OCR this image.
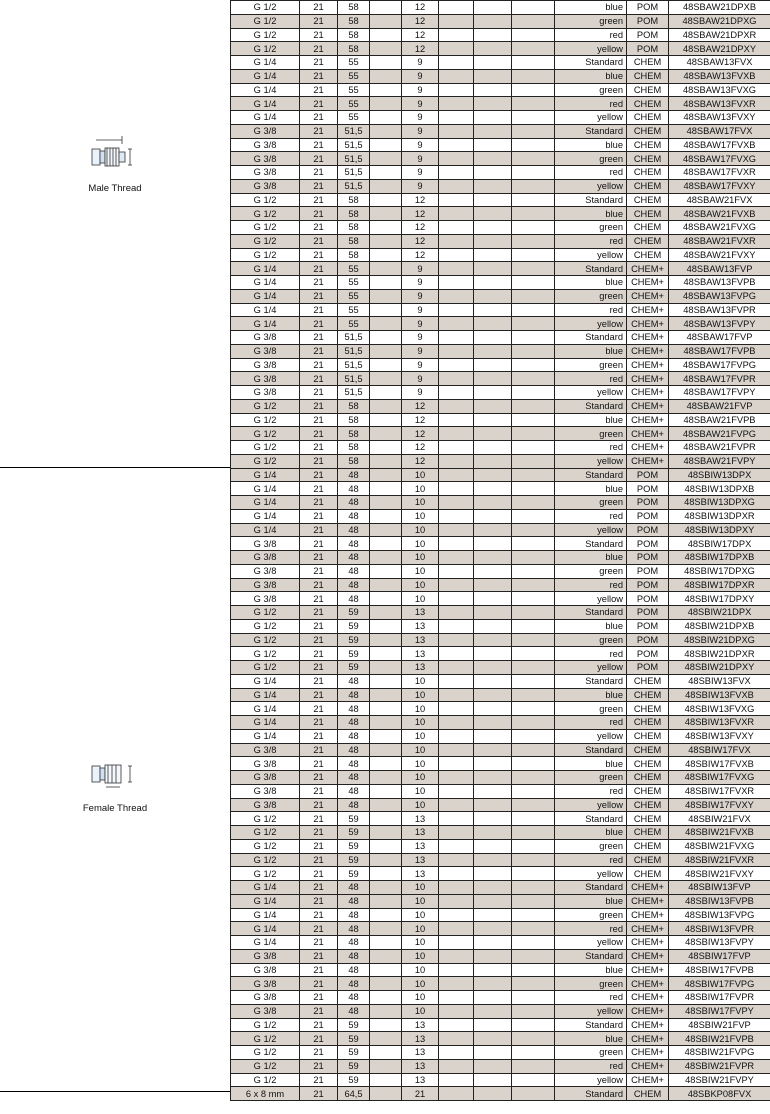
Male Thread
Female Thread
G 1/2	21	58		12				blue	POM	48SBAW21DPXB
G 1/2	21	58		12				green	POM	48SBAW21DPXG
G 1/2	21	58		12				red	POM	48SBAW21DPXR
G 1/2	21	58		12				yellow	POM	48SBAW21DPXY
G 1/4	21	55		9				Standard	CHEM	48SBAW13FVX
G 1/4	21	55		9				blue	CHEM	48SBAW13FVXB
G 1/4	21	55		9				green	CHEM	48SBAW13FVXG
G 1/4	21	55		9				red	CHEM	48SBAW13FVXR
G 1/4	21	55		9				yellow	CHEM	48SBAW13FVXY
G 3/8	21	51,5		9				Standard	CHEM	48SBAW17FVX
G 3/8	21	51,5		9				blue	CHEM	48SBAW17FVXB
G 3/8	21	51,5		9				green	CHEM	48SBAW17FVXG
G 3/8	21	51,5		9				red	CHEM	48SBAW17FVXR
G 3/8	21	51,5		9				yellow	CHEM	48SBAW17FVXY
G 1/2	21	58		12				Standard	CHEM	48SBAW21FVX
G 1/2	21	58		12				blue	CHEM	48SBAW21FVXB
G 1/2	21	58		12				green	CHEM	48SBAW21FVXG
G 1/2	21	58		12				red	CHEM	48SBAW21FVXR
G 1/2	21	58		12				yellow	CHEM	48SBAW21FVXY
G 1/4	21	55		9				Standard	CHEM+	48SBAW13FVP
G 1/4	21	55		9				blue	CHEM+	48SBAW13FVPB
G 1/4	21	55		9				green	CHEM+	48SBAW13FVPG
G 1/4	21	55		9				red	CHEM+	48SBAW13FVPR
G 1/4	21	55		9				yellow	CHEM+	48SBAW13FVPY
G 3/8	21	51,5		9				Standard	CHEM+	48SBAW17FVP
G 3/8	21	51,5		9				blue	CHEM+	48SBAW17FVPB
G 3/8	21	51,5		9				green	CHEM+	48SBAW17FVPG
G 3/8	21	51,5		9				red	CHEM+	48SBAW17FVPR
G 3/8	21	51,5		9				yellow	CHEM+	48SBAW17FVPY
G 1/2	21	58		12				Standard	CHEM+	48SBAW21FVP
G 1/2	21	58		12				blue	CHEM+	48SBAW21FVPB
G 1/2	21	58		12				green	CHEM+	48SBAW21FVPG
G 1/2	21	58		12				red	CHEM+	48SBAW21FVPR
G 1/2	21	58		12				yellow	CHEM+	48SBAW21FVPY
G 1/4	21	48		10				Standard	POM	48SBIW13DPX
G 1/4	21	48		10				blue	POM	48SBIW13DPXB
G 1/4	21	48		10				green	POM	48SBIW13DPXG
G 1/4	21	48		10				red	POM	48SBIW13DPXR
G 1/4	21	48		10				yellow	POM	48SBIW13DPXY
G 3/8	21	48		10				Standard	POM	48SBIW17DPX
G 3/8	21	48		10				blue	POM	48SBIW17DPXB
G 3/8	21	48		10				green	POM	48SBIW17DPXG
G 3/8	21	48		10				red	POM	48SBIW17DPXR
G 3/8	21	48		10				yellow	POM	48SBIW17DPXY
G 1/2	21	59		13				Standard	POM	48SBIW21DPX
G 1/2	21	59		13				blue	POM	48SBIW21DPXB
G 1/2	21	59		13				green	POM	48SBIW21DPXG
G 1/2	21	59		13				red	POM	48SBIW21DPXR
G 1/2	21	59		13				yellow	POM	48SBIW21DPXY
G 1/4	21	48		10				Standard	CHEM	48SBIW13FVX
G 1/4	21	48		10				blue	CHEM	48SBIW13FVXB
G 1/4	21	48		10				green	CHEM	48SBIW13FVXG
G 1/4	21	48		10				red	CHEM	48SBIW13FVXR
G 1/4	21	48		10				yellow	CHEM	48SBIW13FVXY
G 3/8	21	48		10				Standard	CHEM	48SBIW17FVX
G 3/8	21	48		10				blue	CHEM	48SBIW17FVXB
G 3/8	21	48		10				green	CHEM	48SBIW17FVXG
G 3/8	21	48		10				red	CHEM	48SBIW17FVXR
G 3/8	21	48		10				yellow	CHEM	48SBIW17FVXY
G 1/2	21	59		13				Standard	CHEM	48SBIW21FVX
G 1/2	21	59		13				blue	CHEM	48SBIW21FVXB
G 1/2	21	59		13				green	CHEM	48SBIW21FVXG
G 1/2	21	59		13				red	CHEM	48SBIW21FVXR
G 1/2	21	59		13				yellow	CHEM	48SBIW21FVXY
G 1/4	21	48		10				Standard	CHEM+	48SBIW13FVP
G 1/4	21	48		10				blue	CHEM+	48SBIW13FVPB
G 1/4	21	48		10				green	CHEM+	48SBIW13FVPG
G 1/4	21	48		10				red	CHEM+	48SBIW13FVPR
G 1/4	21	48		10				yellow	CHEM+	48SBIW13FVPY
G 3/8	21	48		10				Standard	CHEM+	48SBIW17FVP
G 3/8	21	48		10				blue	CHEM+	48SBIW17FVPB
G 3/8	21	48		10				green	CHEM+	48SBIW17FVPG
G 3/8	21	48		10				red	CHEM+	48SBIW17FVPR
G 3/8	21	48		10				yellow	CHEM+	48SBIW17FVPY
G 1/2	21	59		13				Standard	CHEM+	48SBIW21FVP
G 1/2	21	59		13				blue	CHEM+	48SBIW21FVPB
G 1/2	21	59		13				green	CHEM+	48SBIW21FVPG
G 1/2	21	59		13				red	CHEM+	48SBIW21FVPR
G 1/2	21	59		13				yellow	CHEM+	48SBIW21FVPY
6 x 8 mm	21	64,5		21				Standard	CHEM	48SBKP08FVX
